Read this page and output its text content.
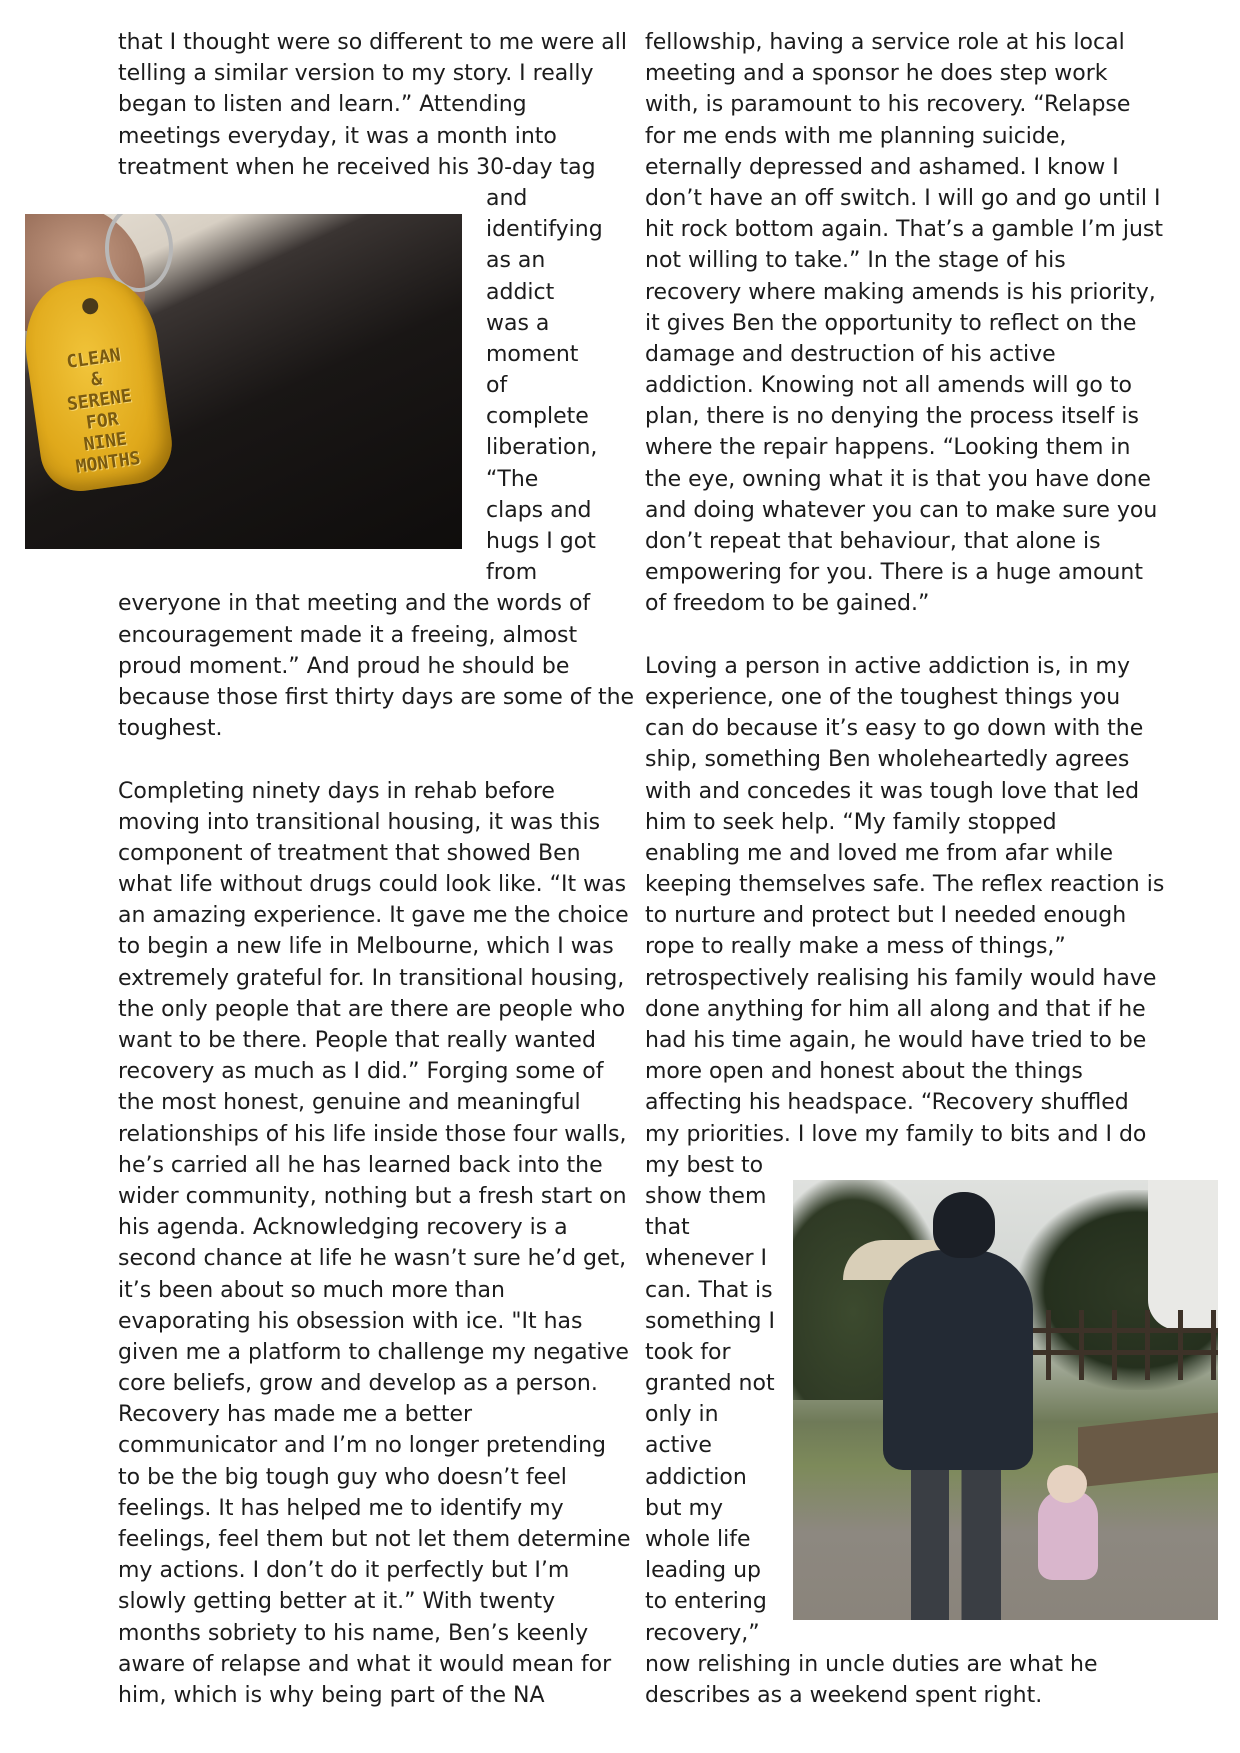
that I thought were so different to me were all
telling a similar version to my story. I really
began to listen and learn.” Attending
meetings everyday, it was a month into
treatment when he received his 30-day tag
and
identifying
as an
addict
was a
moment
of
complete
liberation,
“The
claps and
hugs I got
from
everyone in that meeting and the words of
encouragement made it a freeing, almost
proud moment.” And proud he should be
because those first thirty days are some of the
toughest.
Completing ninety days in rehab before
moving into transitional housing, it was this
component of treatment that showed Ben
what life without drugs could look like. “It was
an amazing experience. It gave me the choice
to begin a new life in Melbourne, which I was
extremely grateful for. In transitional housing,
the only people that are there are people who
want to be there. People that really wanted
recovery as much as I did.” Forging some of
the most honest, genuine and meaningful
relationships of his life inside those four walls,
he’s carried all he has learned back into the
wider community, nothing but a fresh start on
his agenda. Acknowledging recovery is a
second chance at life he wasn’t sure he’d get,
it’s been about so much more than
evaporating his obsession with ice. "It has
given me a platform to challenge my negative
core beliefs, grow and develop as a person.
Recovery has made me a better
communicator and I’m no longer pretending
to be the big tough guy who doesn’t feel
feelings. It has helped me to identify my
feelings, feel them but not let them determine
my actions. I don’t do it perfectly but I’m
slowly getting better at it.” With twenty
months sobriety to his name, Ben’s keenly
aware of relapse and what it would mean for
him, which is why being part of the NA
fellowship, having a service role at his local
meeting and a sponsor he does step work
with, is paramount to his recovery. “Relapse
for me ends with me planning suicide,
eternally depressed and ashamed. I know I
don’t have an off switch. I will go and go until I
hit rock bottom again. That’s a gamble I’m just
not willing to take.” In the stage of his
recovery where making amends is his priority,
it gives Ben the opportunity to reflect on the
damage and destruction of his active
addiction. Knowing not all amends will go to
plan, there is no denying the process itself is
where the repair happens. “Looking them in
the eye, owning what it is that you have done
and doing whatever you can to make sure you
don’t repeat that behaviour, that alone is
empowering for you. There is a huge amount
of freedom to be gained.”
Loving a person in active addiction is, in my
experience, one of the toughest things you
can do because it’s easy to go down with the
ship, something Ben wholeheartedly agrees
with and concedes it was tough love that led
him to seek help. “My family stopped
enabling me and loved me from afar while
keeping themselves safe. The reflex reaction is
to nurture and protect but I needed enough
rope to really make a mess of things,”
retrospectively realising his family would have
done anything for him all along and that if he
had his time again, he would have tried to be
more open and honest about the things
affecting his headspace. “Recovery shuffled
my priorities. I love my family to bits and I do
my best to
show them
that
whenever I
can. That is
something I
took for
granted not
only in
active
addiction
but my
whole life
leading up
to entering
recovery,”
now relishing in uncle duties are what he
describes as a weekend spent right.
CLEAN
&
SERENE
FOR
NINE
MONTHS
